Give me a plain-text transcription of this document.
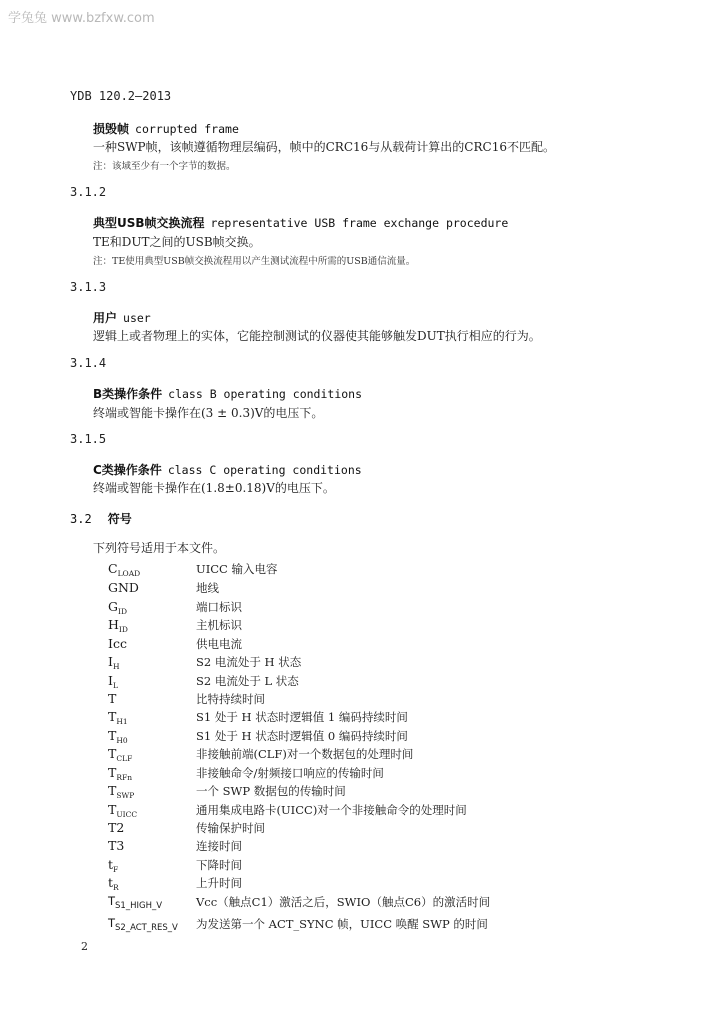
学兔兔 www.bzfxw.com
YDB 120.2—2013
损毁帧 corrupted frame
一种SWP帧，该帧遵循物理层编码，帧中的CRC16与从载荷计算出的CRC16不匹配。
注：该域至少有一个字节的数据。
3.1.2
典型USB帧交换流程 representative USB frame exchange procedure
TE和DUT之间的USB帧交换。
注：TE使用典型USB帧交换流程用以产生测试流程中所需的USB通信流量。
3.1.3
用户 user
逻辑上或者物理上的实体，它能控制测试的仪器使其能够触发DUT执行相应的行为。
3.1.4
B类操作条件 class B operating conditions
终端或智能卡操作在(3 ± 0.3)V的电压下。
3.1.5
C类操作条件 class C operating conditions
终端或智能卡操作在(1.8±0.18)V的电压下。
3.2 符号
下列符号适用于本文件。
$C_{LOAD}$	UICC 输入电容
GND	地线
$G_{ID}$	端口标识
$H_{ID}$	主机标识
Icc	供电电流
$I_H$	S2 电流处于 H 状态
$I_L$	S2 电流处于 L 状态
T	比特持续时间
$T_{H1}$	S1 处于 H 状态时逻辑值 1 编码持续时间
$T_{H0}$	S1 处于 H 状态时逻辑值 0 编码持续时间
$T_{CLF}$	非接触前端(CLF)对一个数据包的处理时间
$T_{RFn}$	非接触命令/射频接口响应的传输时间
$T_{SWP}$	一个 SWP 数据包的传输时间
$T_{UICC}$	通用集成电路卡(UICC)对一个非接触命令的处理时间
T2	传输保护时间
T3	连接时间
$t_F$	下降时间
$t_R$	上升时间
$T_{S1\_HIGH\_V}$	Vcc（触点C1）激活之后，SWIO（触点C6）的激活时间
$T_{S2\_ACT\_RES\_V}$ 为发送第一个 ACT_SYNC 帧，UICC 唤醒 SWP 的时间
2
